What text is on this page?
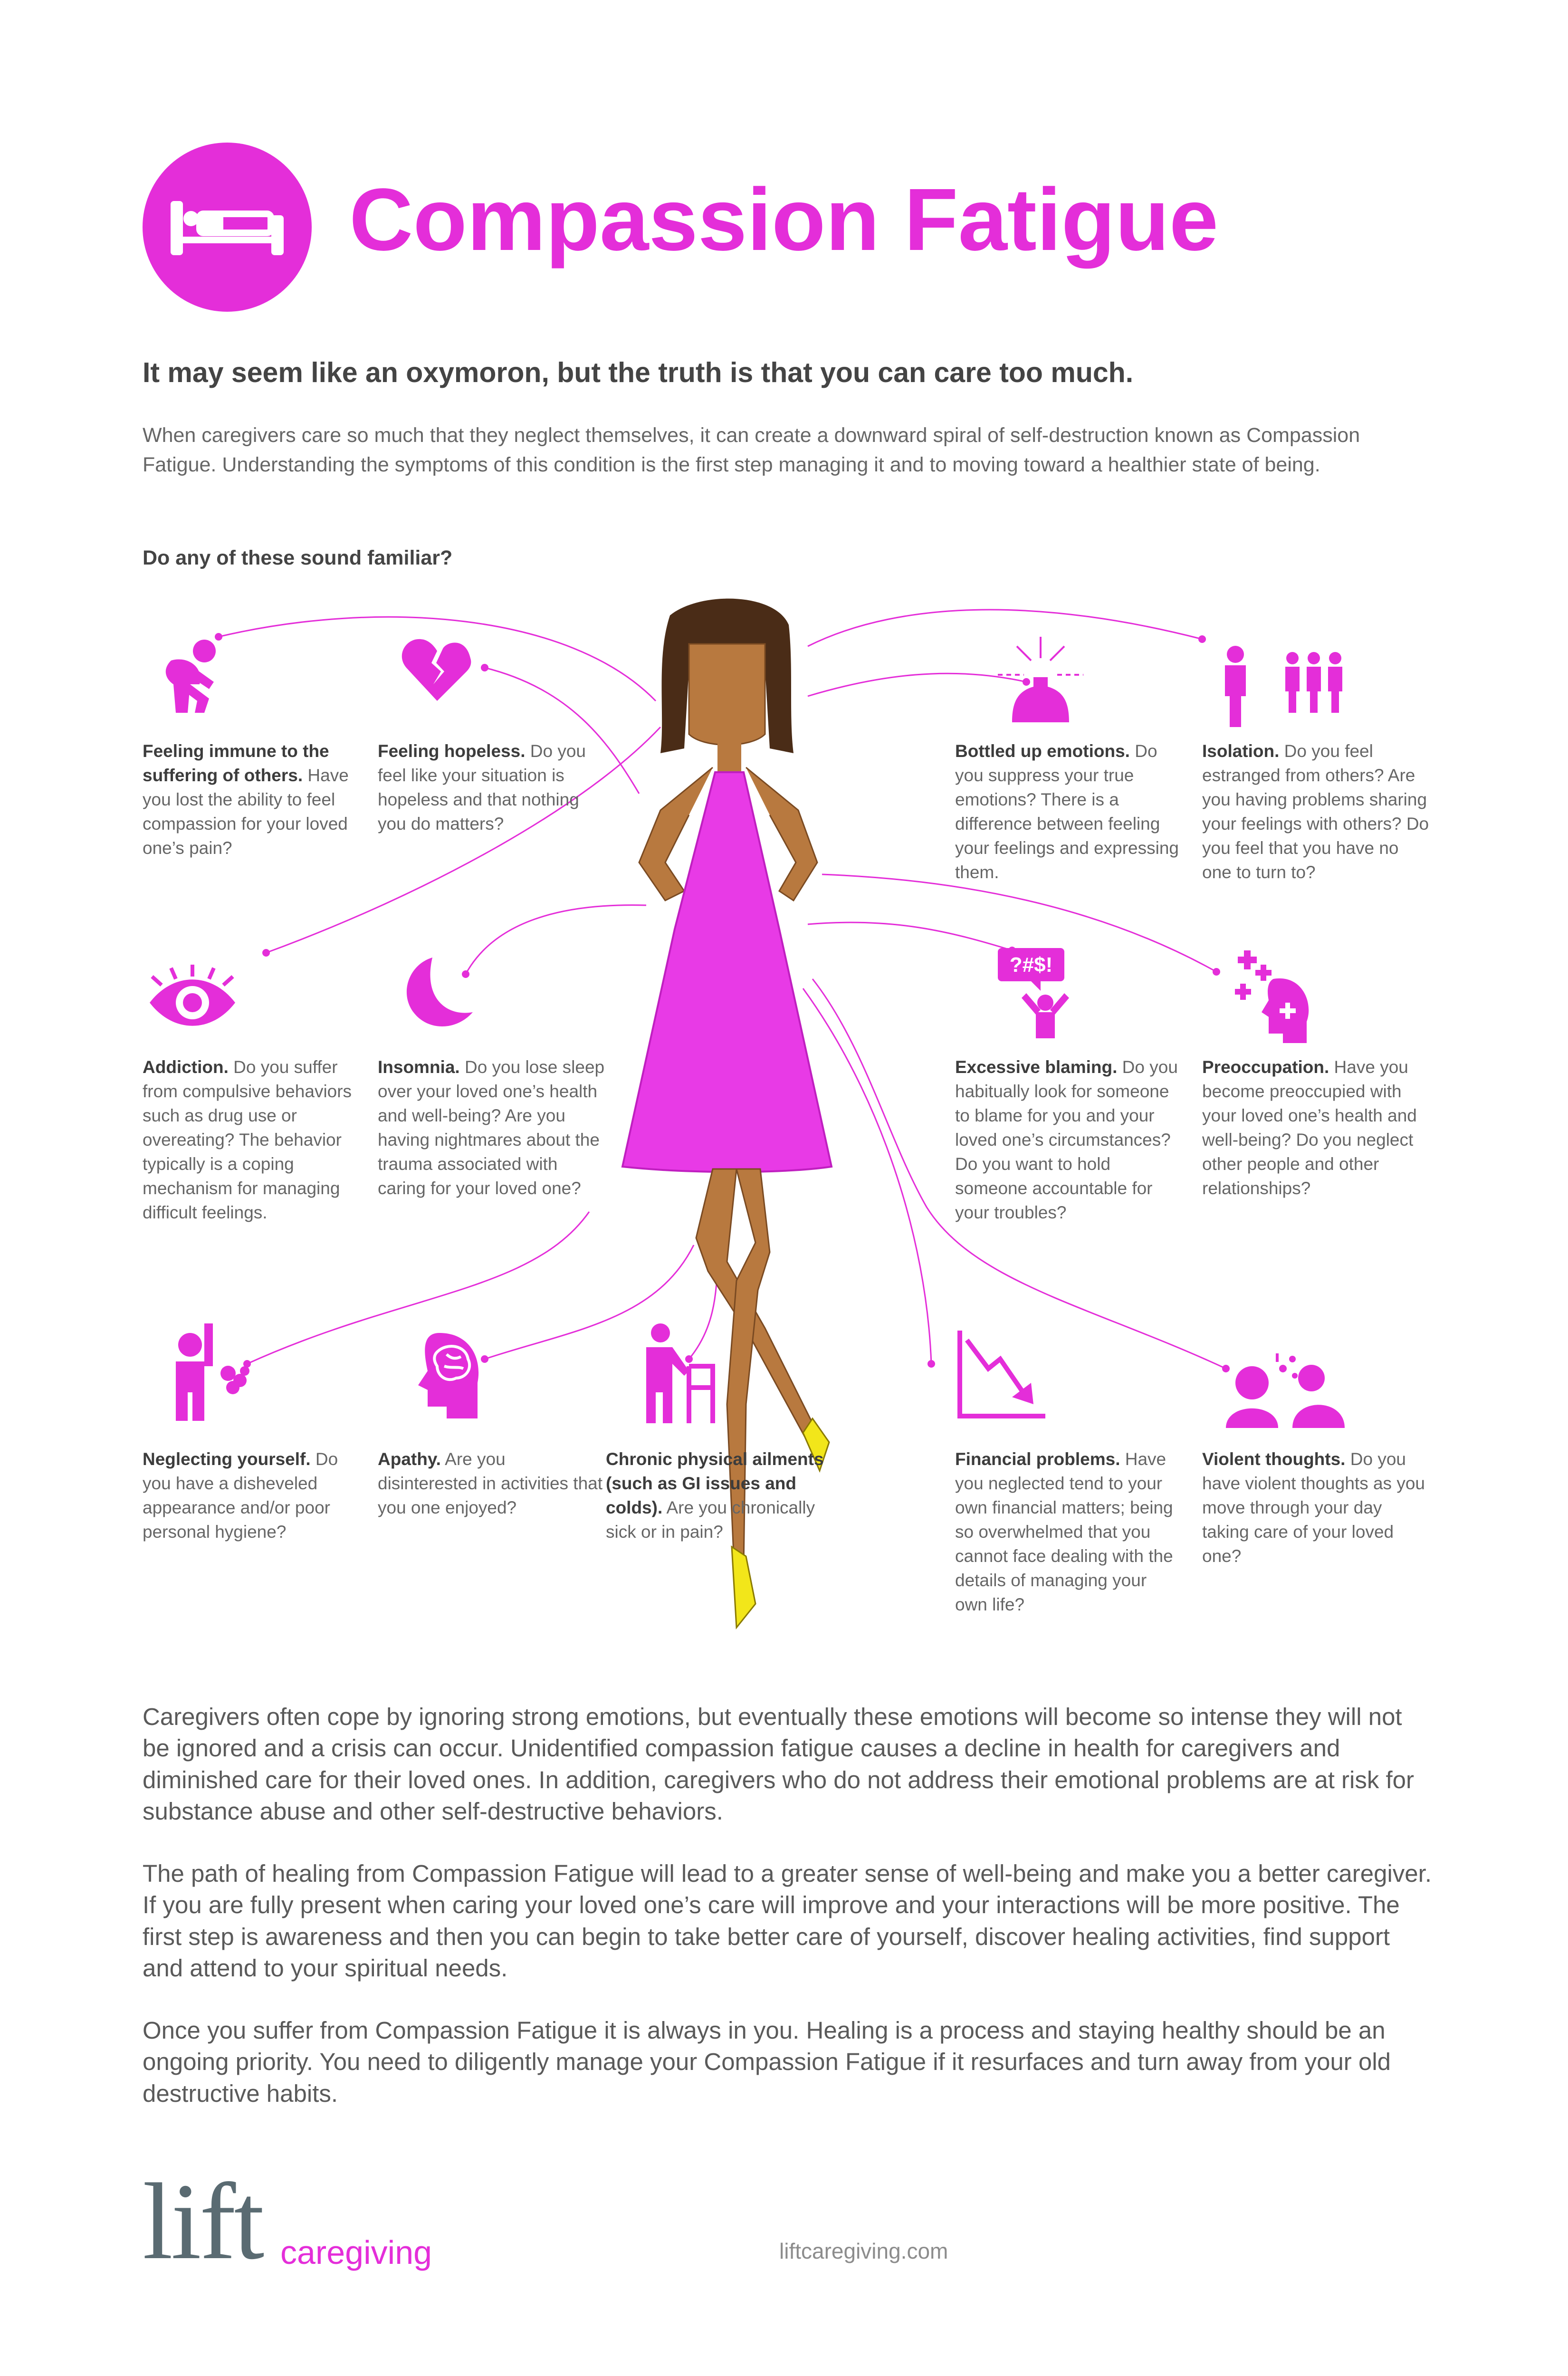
Compassion Fatigue
It may seem like an oxymoron, but the truth is that you can care too much.
When caregivers care so much that they neglect themselves, it can create a downward spiral of self-destruction known as Compassion Fatigue. Understanding the symptoms of this condition is the first step managing it and to moving toward a healthier state of being.
Do any of these sound familiar?
?#$!
Feeling immune to the suffering of others. Have you lost the ability to feel compassion for your loved one’s pain?
Feeling hopeless. Do you feel like your situation is hopeless and that nothing you do matters?
Bottled up emotions. Do you suppress your true emotions? There is a difference between feeling your feelings and expressing them.
Isolation. Do you feel estranged from others? Are you having problems sharing your feelings with others? Do you feel that you have no one to turn to?
Addiction. Do you suffer from compulsive behaviors such as drug use or overeating? The behavior typically is a coping mechanism for managing difficult feelings.
Insomnia. Do you lose sleep over your loved one’s health and well-being? Are you having nightmares about the trauma associated with caring for your loved one?
Excessive blaming. Do you habitually look for someone to blame for you and your loved one’s circumstances? Do you want to hold someone accountable for your troubles?
Preoccupation. Have you become preoccupied with your loved one’s health and well-being? Do you neglect other people and other relationships?
Neglecting yourself. Do you have a disheveled appearance and/or poor personal hygiene?
Apathy. Are you disinterested in activities that you one enjoyed?
Chronic physical ailments (such as GI issues and colds). Are you chronically sick or in pain?
Financial problems. Have you neglected tend to your own financial matters; being so overwhelmed that you cannot face dealing with the details of managing your own life?
Violent thoughts. Do you have violent thoughts as you move through your day taking care of your loved one?
Caregivers often cope by ignoring strong emotions, but eventually these emotions will become so intense they will not be ignored and a crisis can occur. Unidentified compassion fatigue causes a decline in health for caregivers and diminished care for their loved ones. In addition, caregivers who do not address their emotional problems are at risk for substance abuse and other self-destructive behaviors.
The path of healing from Compassion Fatigue will lead to a greater sense of well-being and make you a better caregiver. If you are fully present when caring your loved one’s care will improve and your interactions will be more positive. The first step is awareness and then you can begin to take better care of yourself, discover healing activities, find support and attend to your spiritual needs.
Once you suffer from Compassion Fatigue it is always in you. Healing is a process and staying healthy should be an ongoing priority. You need to diligently manage your Compassion Fatigue if it resurfaces and turn away from your old destructive habits.
lift caregiving	liftcaregiving.com
